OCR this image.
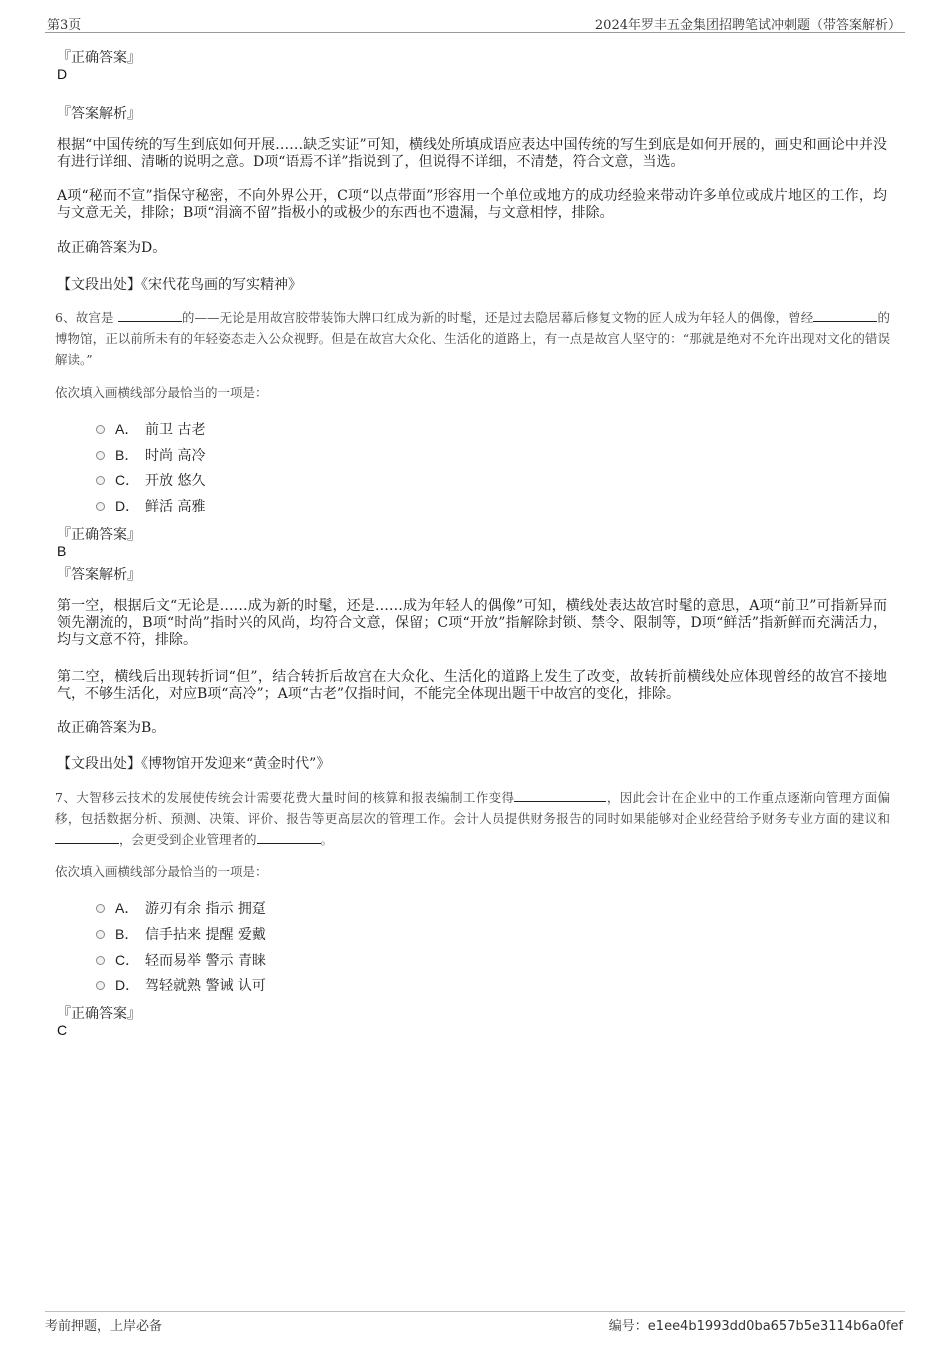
第3页	2024年罗丰五金集团招聘笔试冲刺题（带答案解析）
『正确答案』
D
『答案解析』
根据“中国传统的写生到底如何开展……缺乏实证”可知，横线处所填成语应表达中国传统的写生到底是如何开展的，画史和画论中并没有进行详细、清晰的说明之意。D项“语焉不详”指说到了，但说得不详细，不清楚，符合文意，当选。
A项“秘而不宣”指保守秘密，不向外界公开，C项“以点带面”形容用一个单位或地方的成功经验来带动许多单位或成片地区的工作，均与文意无关，排除；B项“涓滴不留”指极小的或极少的东西也不遗漏，与文意相悖，排除。
故正确答案为D。
【文段出处】《宋代花鸟画的写实精神》
6、故宫是	的——无论是用故宫胶带装饰大牌口红成为新的时髦，还是过去隐居幕后修复文物的匠人成为年轻人的偶像，曾经	的博物馆，正以前所未有的年轻姿态走入公众视野。但是在故宫大众化、生活化的道路上，有一点是故宫人坚守的：“那就是绝对不允许出现对文化的错误解读。”
依次填入画横线部分最恰当的一项是：
A． 前卫 古老
B． 时尚 高冷
C． 开放 悠久
D． 鲜活 高雅
『正确答案』
B
『答案解析』
第一空，根据后文“无论是……成为新的时髦，还是……成为年轻人的偶像”可知，横线处表达故宫时髦的意思，A项“前卫”可指新异而领先潮流的，B项“时尚”指时兴的风尚，均符合文意，保留；C项“开放”指解除封锁、禁令、限制等，D项“鲜活”指新鲜而充满活力，均与文意不符，排除。
第二空，横线后出现转折词“但”，结合转折后故宫在大众化、生活化的道路上发生了改变，故转折前横线处应体现曾经的故宫不接地气，不够生活化，对应B项“高冷”；A项“古老”仅指时间，不能完全体现出题干中故宫的变化，排除。
故正确答案为B。
【文段出处】《博物馆开发迎来“黄金时代”》
7、大智移云技术的发展使传统会计需要花费大量时间的核算和报表编制工作变得	，因此会计在企业中的工作重点逐渐向管理方面偏移，包括数据分析、预测、决策、评价、报告等更高层次的管理工作。会计人员提供财务报告的同时如果能够对企业经营给予财务专业方面的建议和，会更受到企业管理者的	。
依次填入画横线部分最恰当的一项是：
A． 游刃有余 指示 拥趸
B． 信手拈来 提醒 爱戴
C． 轻而易举 警示 青睐
D． 驾轻就熟 警诫 认可
『正确答案』
C
考前押题，上岸必备	编号：e1ee4b1993dd0ba657b5e3114b6a0fef
